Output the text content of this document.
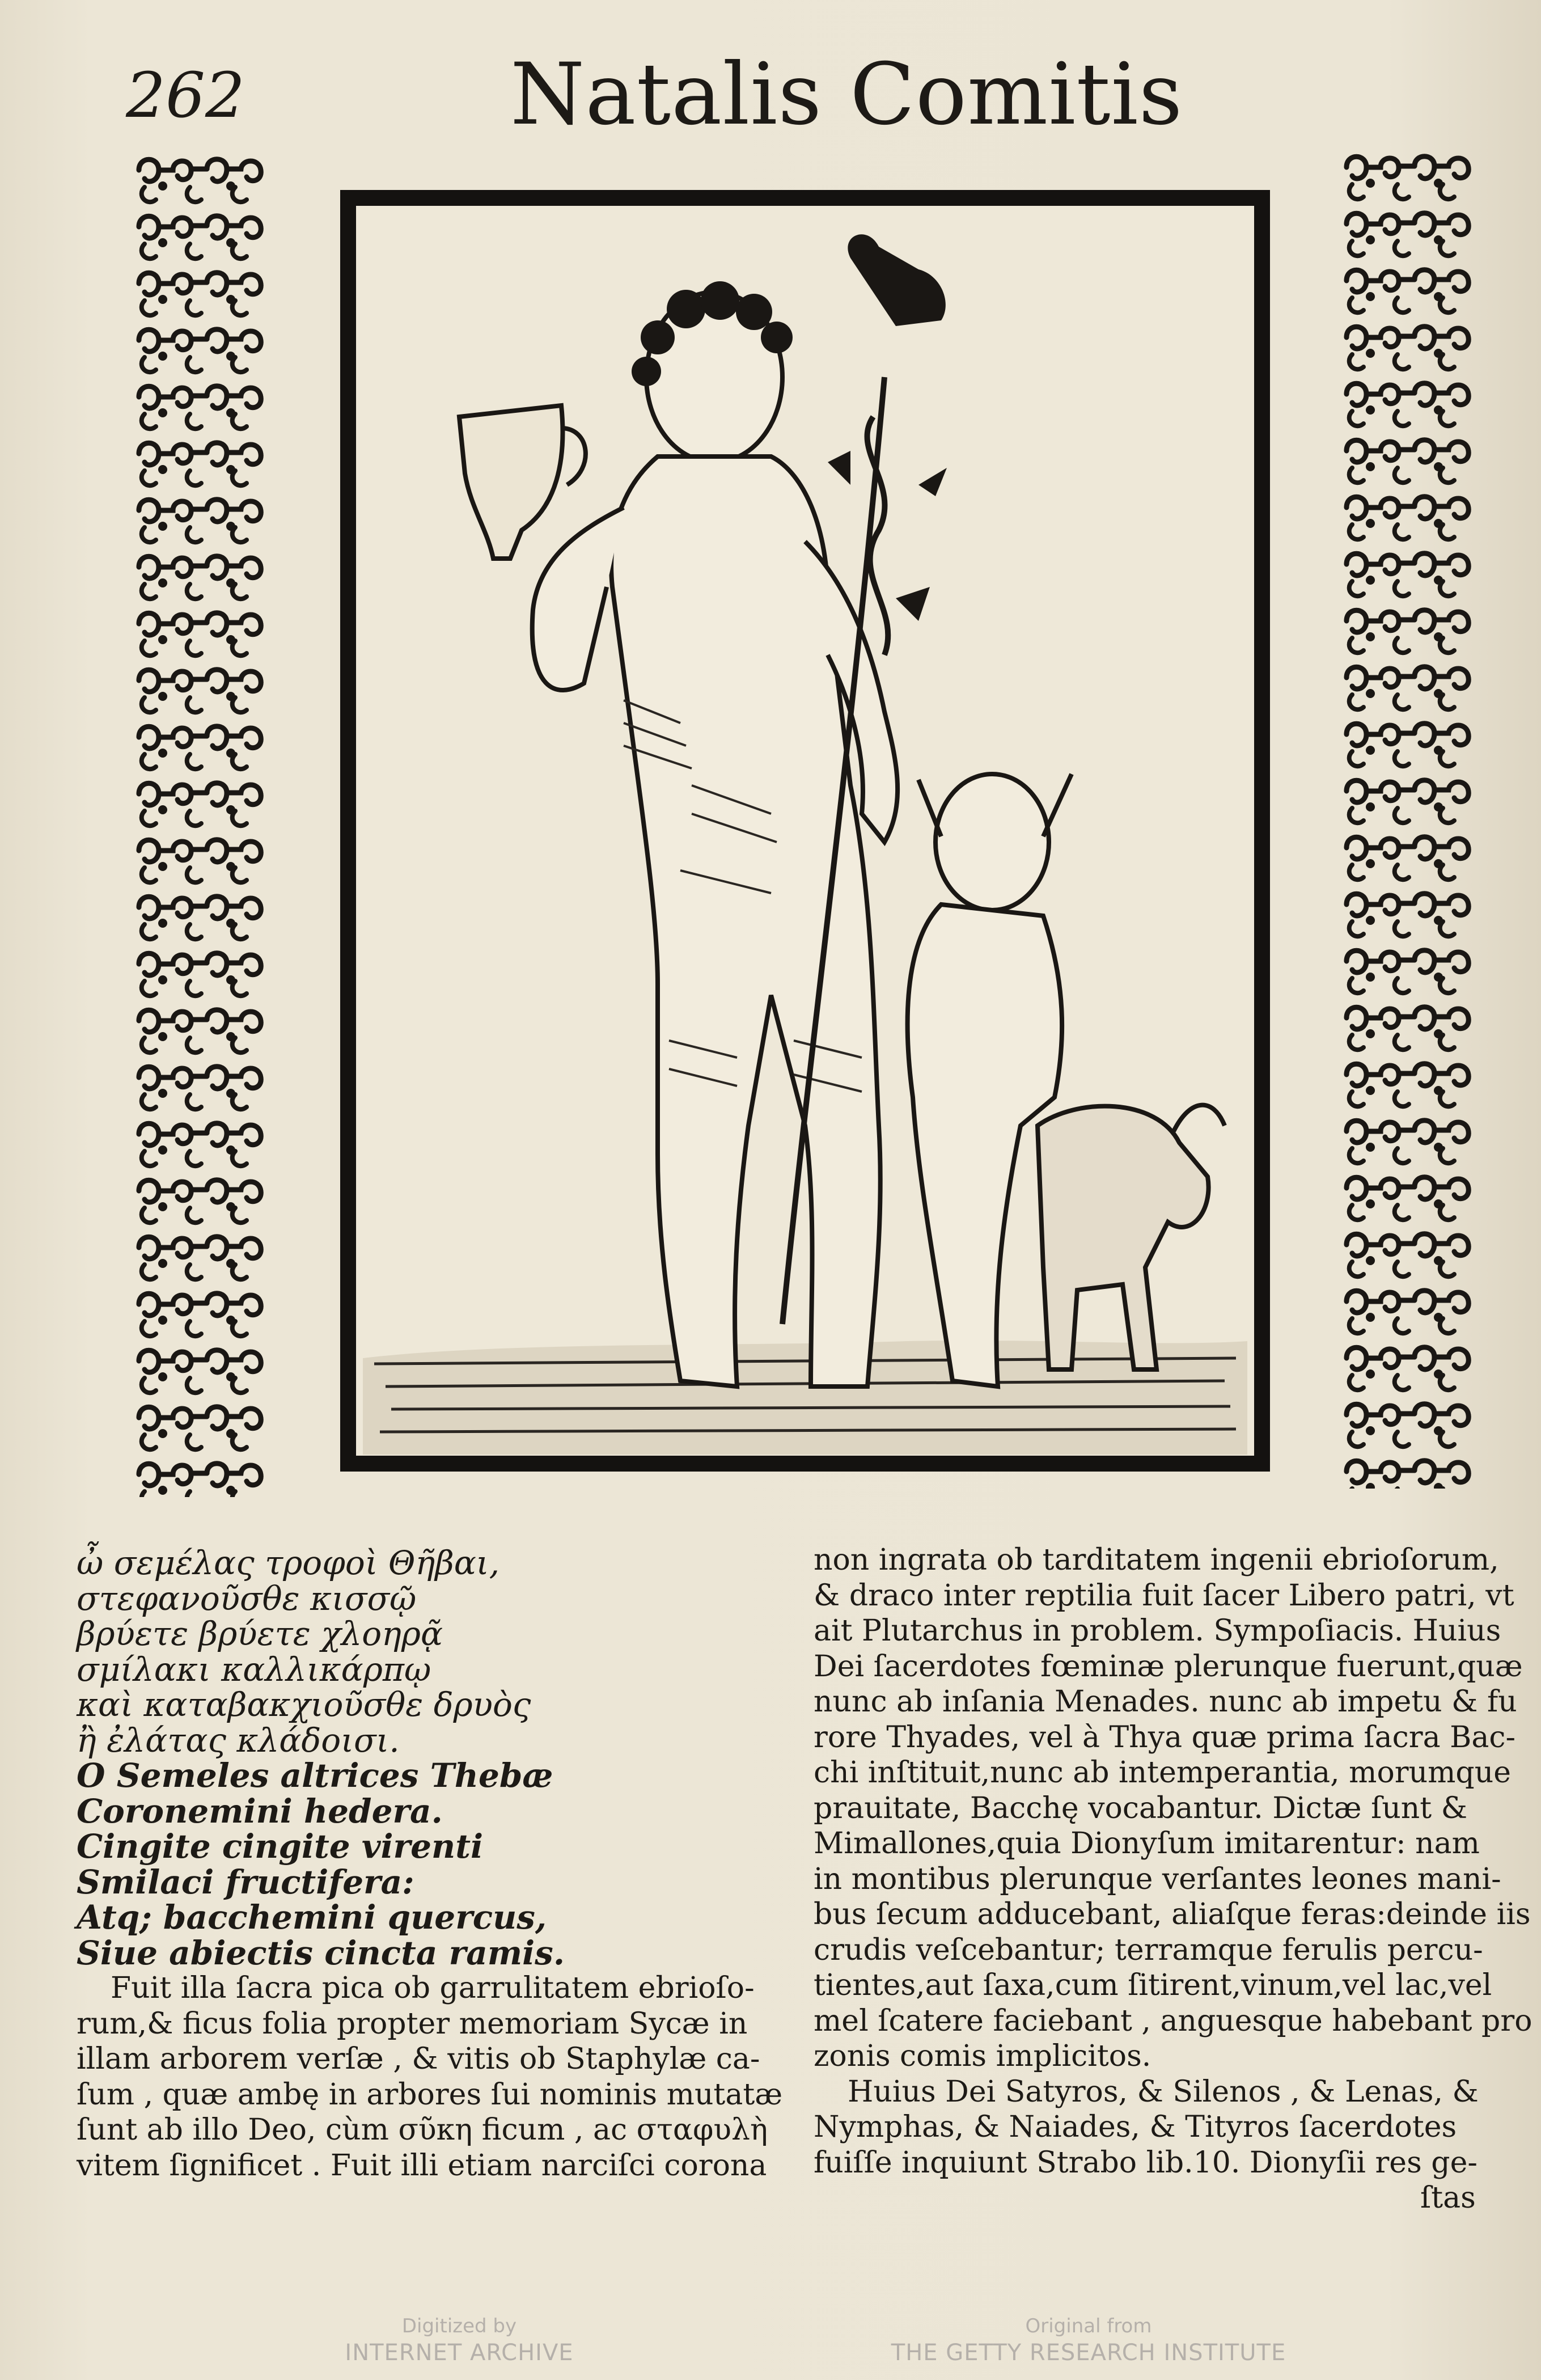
262	Natalis Comitis
ὦ σεμέλας τροφοὶ Θῆβαι,
στεφανοῦσθε κισσῷ
βρύετε βρύετε χλοηρᾷ
σμίλακι καλλικάρπῳ
καὶ καταβακχιοῦσθε δρυὸς
ἢ ἐλάτας κλάδοισι.
O Semeles altrices Thebæ
Coronemini hedera.
Cingite cingite virenti
Smilaci fructifera:
Atq; bacchemini quercus,
Siue abiectis cincta ramis.
Fuit illa ſacra pica ob garrulitatem ebrioſo-
rum,& ficus folia propter memoriam Sycæ in
illam arborem verſæ , & vitis ob Staphylæ ca-
ſum , quæ ambę in arbores ſui nominis mutatæ
ſunt ab illo Deo, cùm σῦκη ficum , ac σταφυλὴ
vitem ſignificet . Fuit illi etiam narciſci corona
non ingrata ob tarditatem ingenii ebrioſorum,
& draco inter reptilia fuit ſacer Libero patri, vt
ait Plutarchus in problem. Sympoſiacis. Huius
Dei ſacerdotes fœminæ plerunque fuerunt,quæ
nunc ab inſania Menades. nunc ab impetu & fu
rore Thyades, vel à Thya quæ prima ſacra Bac-
chi inſtituit,nunc ab intemperantia, morumque
prauitate, Bacchę vocabantur. Dictæ ſunt &
Mimallones,quia Dionyſum imitarentur: nam
in montibus plerunque verſantes leones mani-
bus ſecum adducebant, aliaſque feras:deinde iis
crudis veſcebantur; terramque ferulis percu-
tientes,aut ſaxa,cum ſitirent,vinum,vel lac,vel
mel ſcatere faciebant , anguesque habebant pro
zonis comis implicitos.
Huius Dei Satyros, & Silenos , & Lenas, &
Nymphas, & Naiades, & Tityros ſacerdotes
fuiſſe inquiunt Strabo lib.10. Dionyſii res ge-
ſtas
Digitized by
INTERNET ARCHIVE
Original from
THE GETTY RESEARCH INSTITUTE
